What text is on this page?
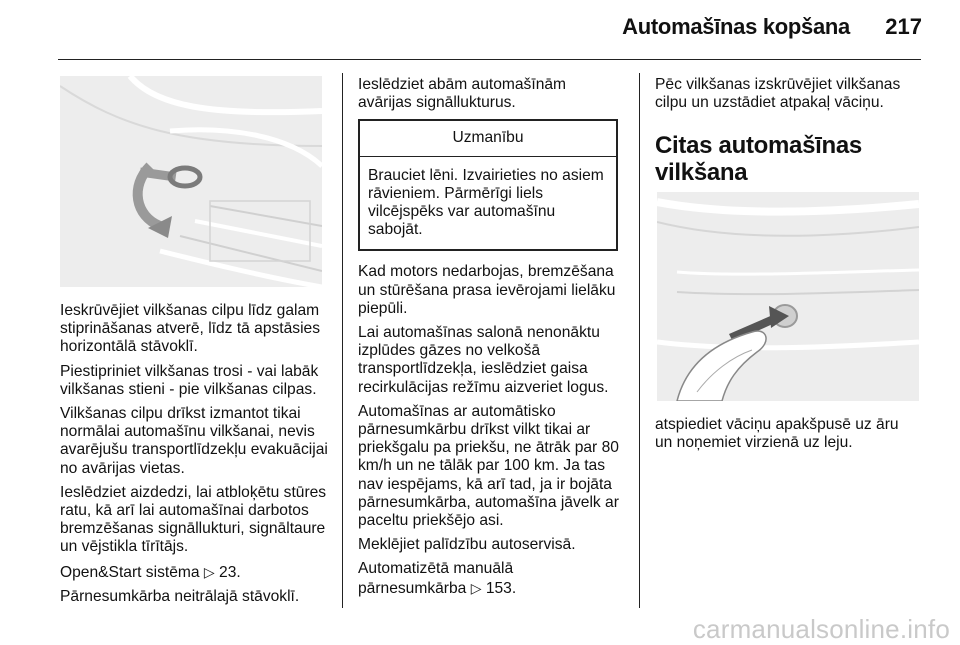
Automašīnas kopšana	217

Ieskrūvējiet vilkšanas cilpu līdz galam stiprināšanas atverē, līdz tā apstāsies horizontālā stāvoklī.

Piestipriniet vilkšanas trosi - vai labāk vilkšanas stieni - pie vilkšanas cilpas.

Vilkšanas cilpu drīkst izmantot tikai normālai automašīnu vilkšanai, nevis avarējušu transportlīdzekļu evakuācijai no avārijas vietas.

Ieslēdziet aizdedzi, lai atbloķētu stūres ratu, kā arī lai automašīnai darbotos bremzēšanas signāllukturi, signāltaure un vējstikla tīrītājs.

Open&Start sistēma ▷ 23.

Pārnesumkārba neitrālajā stāvoklī.

Ieslēdziet abām automašīnām avārijas signāllukturus.

Uzmanību
Brauciet lēni. Izvairieties no asiem rāvieniem. Pārmērīgi liels vilcējspēks var automašīnu sabojāt.

Kad motors nedarbojas, bremzēšana un stūrēšana prasa ievērojami lielāku piepūli.

Lai automašīnas salonā nenonāktu izplūdes gāzes no velkošā transportlīdzekļa, ieslēdziet gaisa recirkulācijas režīmu aizveriet logus.

Automašīnas ar automātisko pārnesumkārbu drīkst vilkt tikai ar priekšgalu pa priekšu, ne ātrāk par 80 km/h un ne tālāk par 100 km. Ja tas nav iespējams, kā arī tad, ja ir bojāta pārnesumkārba, automašīna jāvelk ar paceltu priekšējo asi.

Meklējiet palīdzību autoservisā.

Automatizētā manuālā pārnesumkārba ▷ 153.

Pēc vilkšanas izskrūvējiet vilkšanas cilpu un uzstādiet atpakaļ vāciņu.

Citas automašīnas vilkšana

atspiediet vāciņu apakšpusē uz āru un noņemiet virzienā uz leju.

carmanualsonline.info
